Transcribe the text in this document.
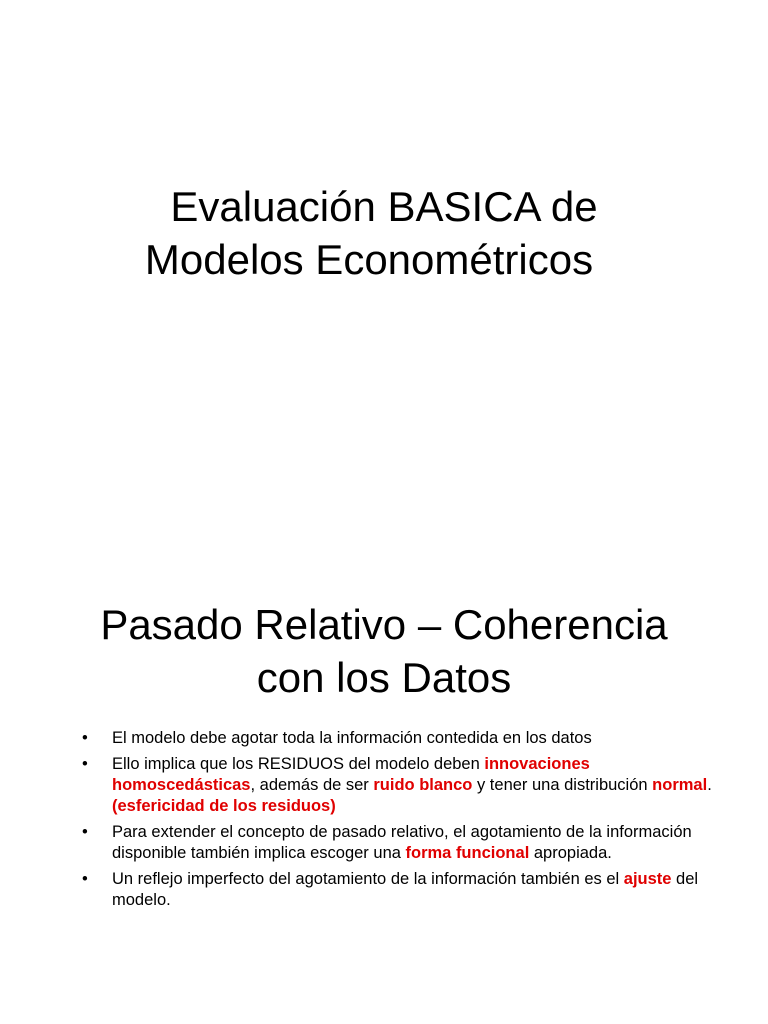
Evaluación BASICA de
Modelos Econométricos
Pasado Relativo – Coherencia
con los Datos
• El modelo debe agotar toda la información contedida en los datos
• Ello implica que los RESIDUOS del modelo deben innovaciones homoscedásticas, además de ser ruido blanco y tener una distribución normal. (esfericidad de los residuos)
• Para extender el concepto de pasado relativo, el agotamiento de la información disponible también implica escoger una forma funcional apropiada.
• Un reflejo imperfecto del agotamiento de la información también es el ajuste del modelo.
